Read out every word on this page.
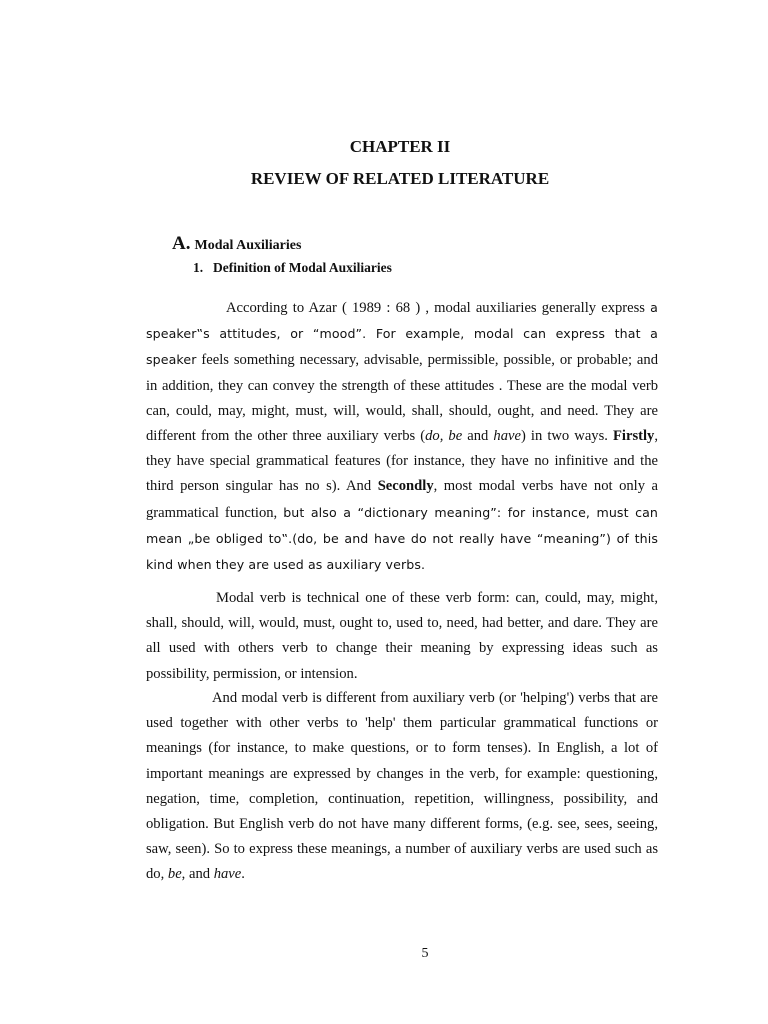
CHAPTER II
REVIEW OF RELATED LITERATURE
A. Modal Auxiliaries
1. Definition of Modal Auxiliaries

According to Azar ( 1989 : 68 ) , modal auxiliaries generally express a speaker‟s attitudes, or “mood”. For example, modal can express that a speaker feels something necessary, advisable, permissible, possible, or probable; and in addition, they can convey the strength of these attitudes . These are the modal verb can, could, may, might, must, will, would, shall, should, ought, and need. They are different from the other three auxiliary verbs (do, be and have) in two ways. Firstly, they have special grammatical features (for instance, they have no infinitive and the third person singular has no s). And Secondly, most modal verbs have not only a grammatical function, but also a “dictionary meaning”: for instance, must can mean „be obliged to‟.(do, be and have do not really have “meaning”) of this kind when they are used as auxiliary verbs.

Modal verb is technical one of these verb form: can, could, may, might, shall, should, will, would, must, ought to, used to, need, had better, and dare. They are all used with others verb to change their meaning by expressing ideas such as possibility, permission, or intension.

And modal verb is different from auxiliary verb (or 'helping') verbs that are used together with other verbs to 'help' them particular grammatical functions or meanings (for instance, to make questions, or to form tenses). In English, a lot of important meanings are expressed by changes in the verb, for example: questioning, negation, time, completion, continuation, repetition, willingness, possibility, and obligation. But English verb do not have many different forms, (e.g. see, sees, seeing, saw, seen). So to express these meanings, a number of auxiliary verbs are used such as do, be, and have.

5
